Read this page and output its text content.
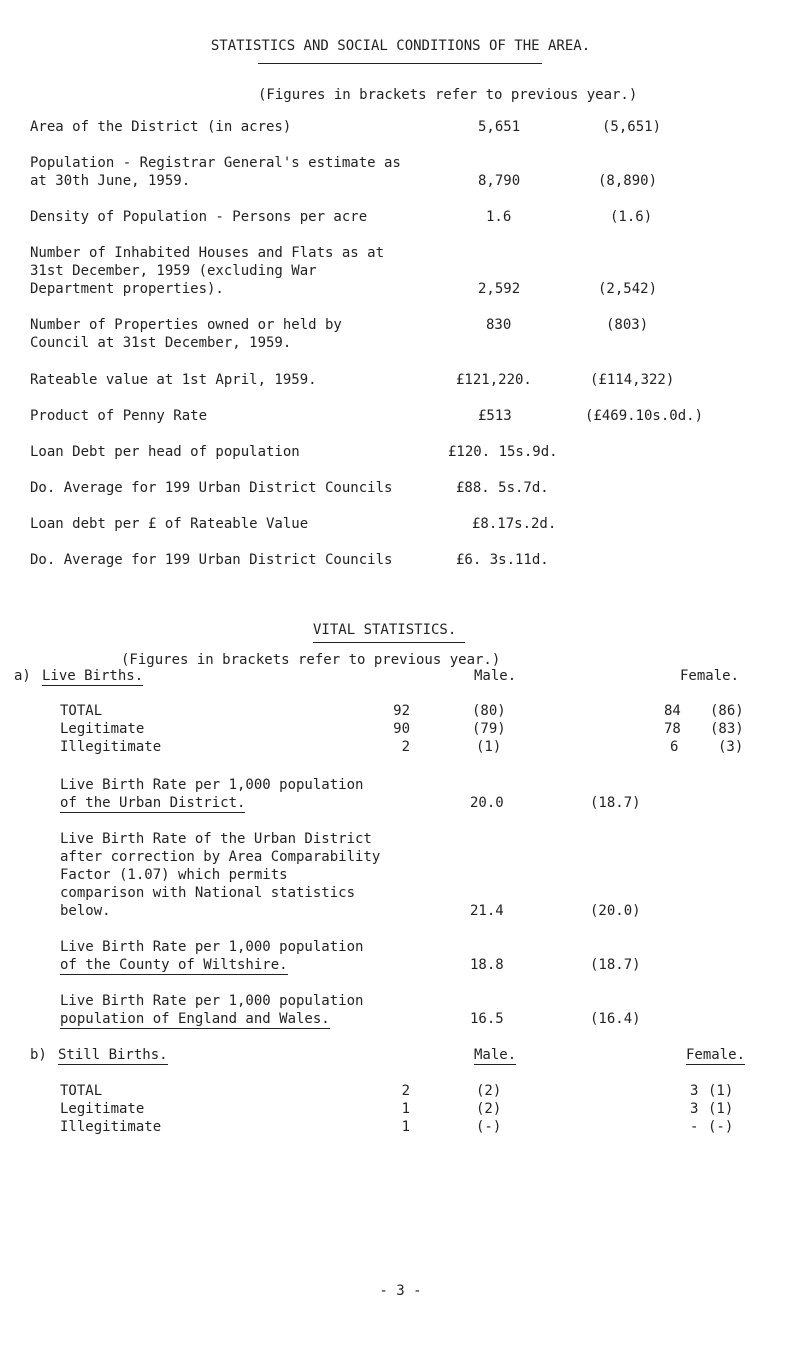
STATISTICS AND SOCIAL CONDITIONS OF THE AREA.
(Figures in brackets refer to previous year.)
Area of the District (in acres)	5,651	(5,651)
Population - Registrar General's estimate as
at 30th June, 1959.	8,790	(8,890)
Density of Population - Persons per acre	1.6	(1.6)
Number of Inhabited Houses and Flats as at
31st December, 1959 (excluding War
Department properties).	2,592	(2,542)
Number of Properties owned or held by
Council at 31st December, 1959.
830	(803)
Rateable value at 1st April, 1959.	£121,220.	(£114,322)
Product of Penny Rate	£513	(£469.10s.0d.)
Loan Debt per head of population	£120. 15s.9d.
Do. Average for 199 Urban District Councils	£88. 5s.7d.
Loan debt per £ of Rateable Value	£8.17s.2d.
Do. Average for 199 Urban District Councils	£6. 3s.11d.
VITAL STATISTICS.
(Figures in brackets refer to previous year.)
a) Live Births.	Male.	Female.
TOTAL	92	(80)	84 (86)
Legitimate	90	(79)	78 (83)
Illegitimate	2	(1)	6	(3)
Live Birth Rate per 1,000 population
of the Urban District.	20.0	(18.7)
Live Birth Rate of the Urban District
after correction by Area Comparability
Factor (1.07) which permits
comparison with National statistics
below.	21.4	(20.0)
Live Birth Rate per 1,000 population
of the County of Wiltshire.	18.8	(18.7)
Live Birth Rate per 1,000 population
population of England and Wales.	16.5	(16.4)
b) Still Births.	Male.	Female.
TOTAL	2	(2)	3 (1)
Legitimate	1	(2)	3 (1)
Illegitimate	1	(-)	- (-)
- 3 -
